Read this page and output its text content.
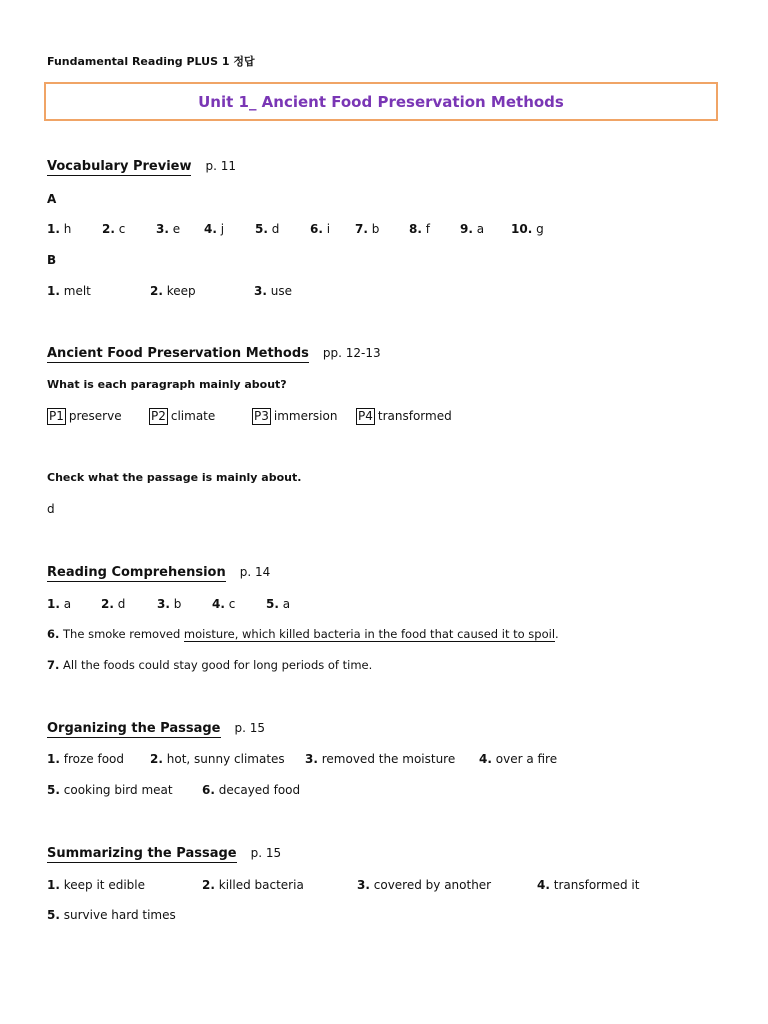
Fundamental Reading PLUS 1 정답
Unit 1_ Ancient Food Preservation Methods
Vocabulary Preview p. 11
A
1. h	2. c	3. e 4. j	5. d	6. i 7. b 8. f	9. a 10. g
B
1. melt	2. keep	3. use
Ancient Food Preservation Methods pp. 12-13
What is each paragraph mainly about?
P1 preserve P2 climate	P3 immersion P4 transformed
Check what the passage is mainly about.
d
Reading Comprehension p. 14
1. a 2. d	3. b	4. c	5. a
6. The smoke removed moisture, which killed bacteria in the food that caused it to spoil.
7. All the foods could stay good for long periods of time.
Organizing the Passage p. 15
1. froze food 2. hot, sunny climates 3. removed the moisture 4. over a fire
5. cooking bird meat 6. decayed food
Summarizing the Passage p. 15
1. keep it edible	2. killed bacteria	3. covered by another	4. transformed it
5. survive hard times
